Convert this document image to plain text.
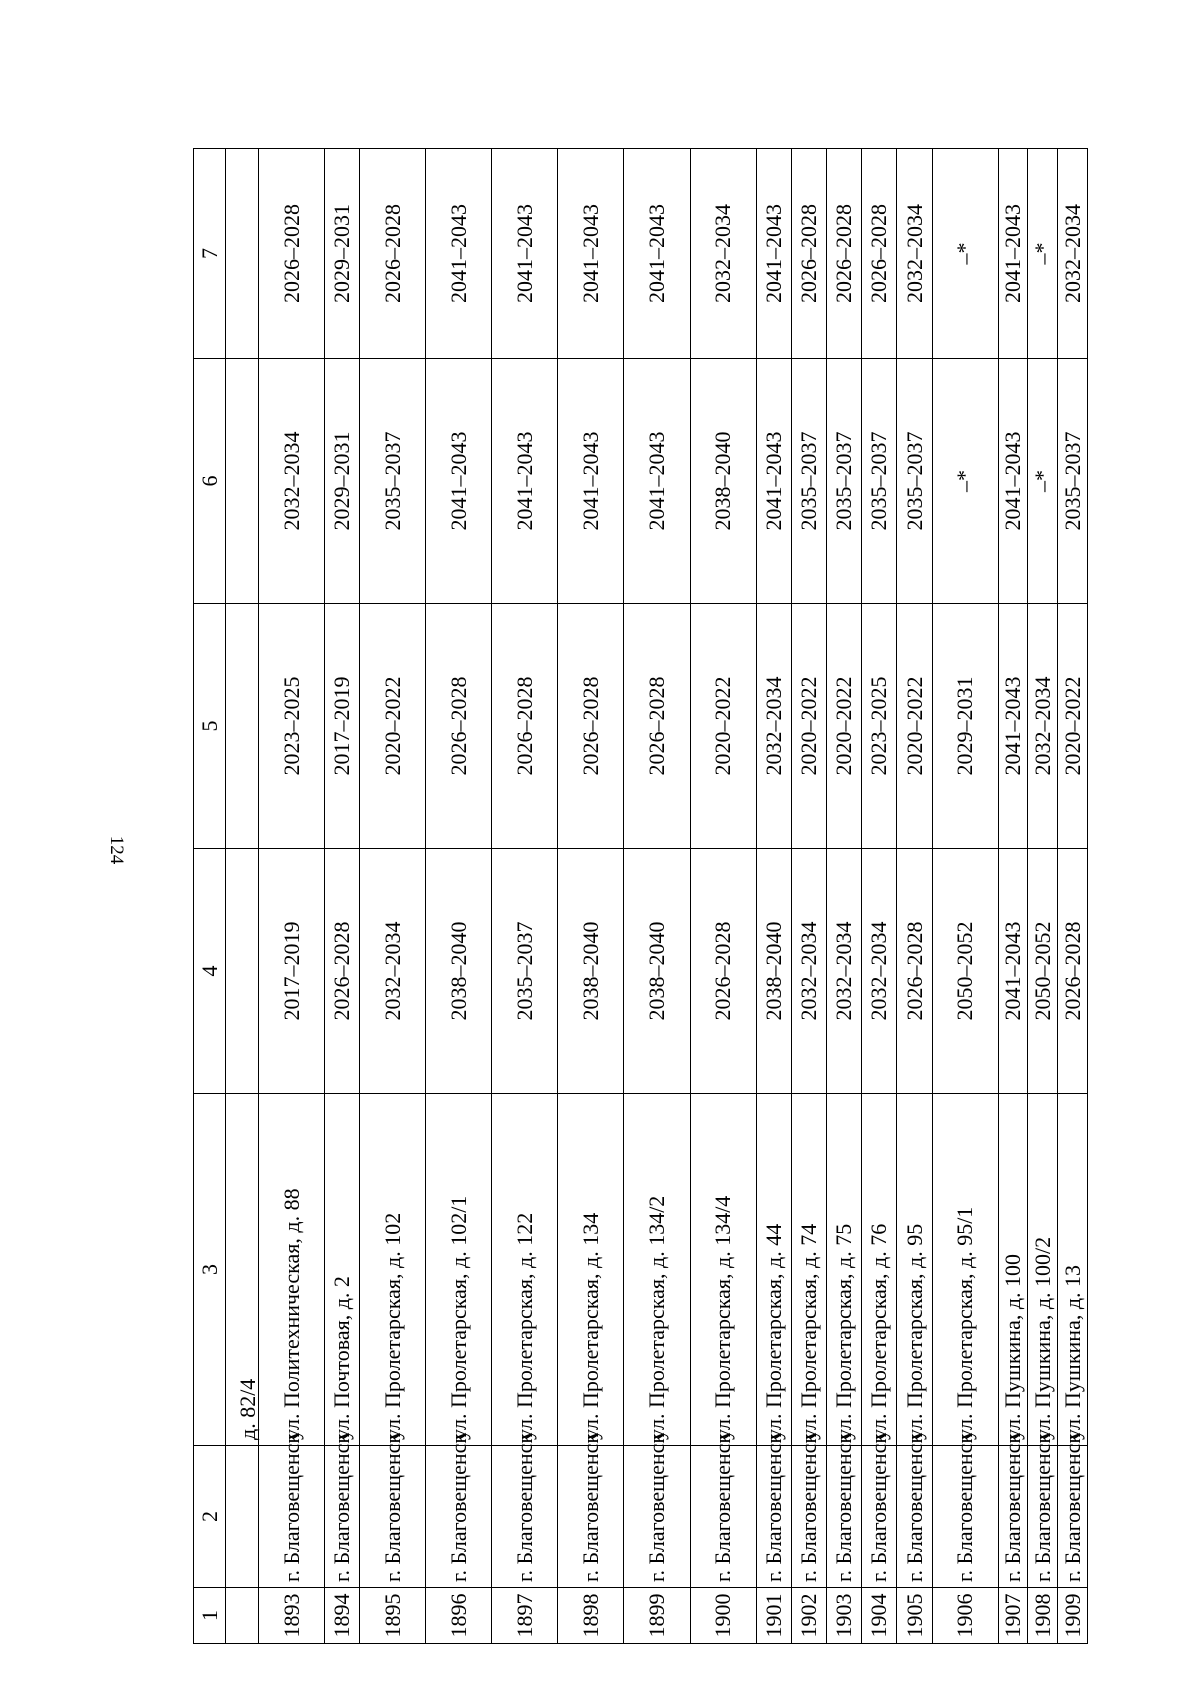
124
1	2	3	4	5	6	7
		д. 82/4				
1893	г. Благовещенск	ул. Политехническая, д. 88	2017–2019	2023–2025	2032–2034	2026–2028
1894	г. Благовещенск	ул. Почтовая, д. 2	2026–2028	2017–2019	2029–2031	2029–2031
1895	г. Благовещенск	ул. Пролетарская, д. 102	2032–2034	2020–2022	2035–2037	2026–2028
1896	г. Благовещенск	ул. Пролетарская, д. 102/1	2038–2040	2026–2028	2041–2043	2041–2043
1897	г. Благовещенск	ул. Пролетарская, д. 122	2035–2037	2026–2028	2041–2043	2041–2043
1898	г. Благовещенск	ул. Пролетарская, д. 134	2038–2040	2026–2028	2041–2043	2041–2043
1899	г. Благовещенск	ул. Пролетарская, д. 134/2	2038–2040	2026–2028	2041–2043	2041–2043
1900	г. Благовещенск	ул. Пролетарская, д. 134/4	2026–2028	2020–2022	2038–2040	2032–2034
1901	г. Благовещенск	ул. Пролетарская, д. 44	2038–2040	2032–2034	2041–2043	2041–2043
1902	г. Благовещенск	ул. Пролетарская, д. 74	2032–2034	2020–2022	2035–2037	2026–2028
1903	г. Благовещенск	ул. Пролетарская, д. 75	2032–2034	2020–2022	2035–2037	2026–2028
1904	г. Благовещенск	ул. Пролетарская, д. 76	2032–2034	2023–2025	2035–2037	2026–2028
1905	г. Благовещенск	ул. Пролетарская, д. 95	2026–2028	2020–2022	2035–2037	2032–2034
1906	г. Благовещенск	ул. Пролетарская, д. 95/1	2050–2052	2029–2031	–*	–*
1907	г. Благовещенск	ул. Пушкина, д. 100	2041–2043	2041–2043	2041–2043	2041–2043
1908	г. Благовещенск	ул. Пушкина, д. 100/2	2050–2052	2032–2034	–*	–*
1909	г. Благовещенск	ул. Пушкина, д. 13	2026–2028	2020–2022	2035–2037	2032–2034
